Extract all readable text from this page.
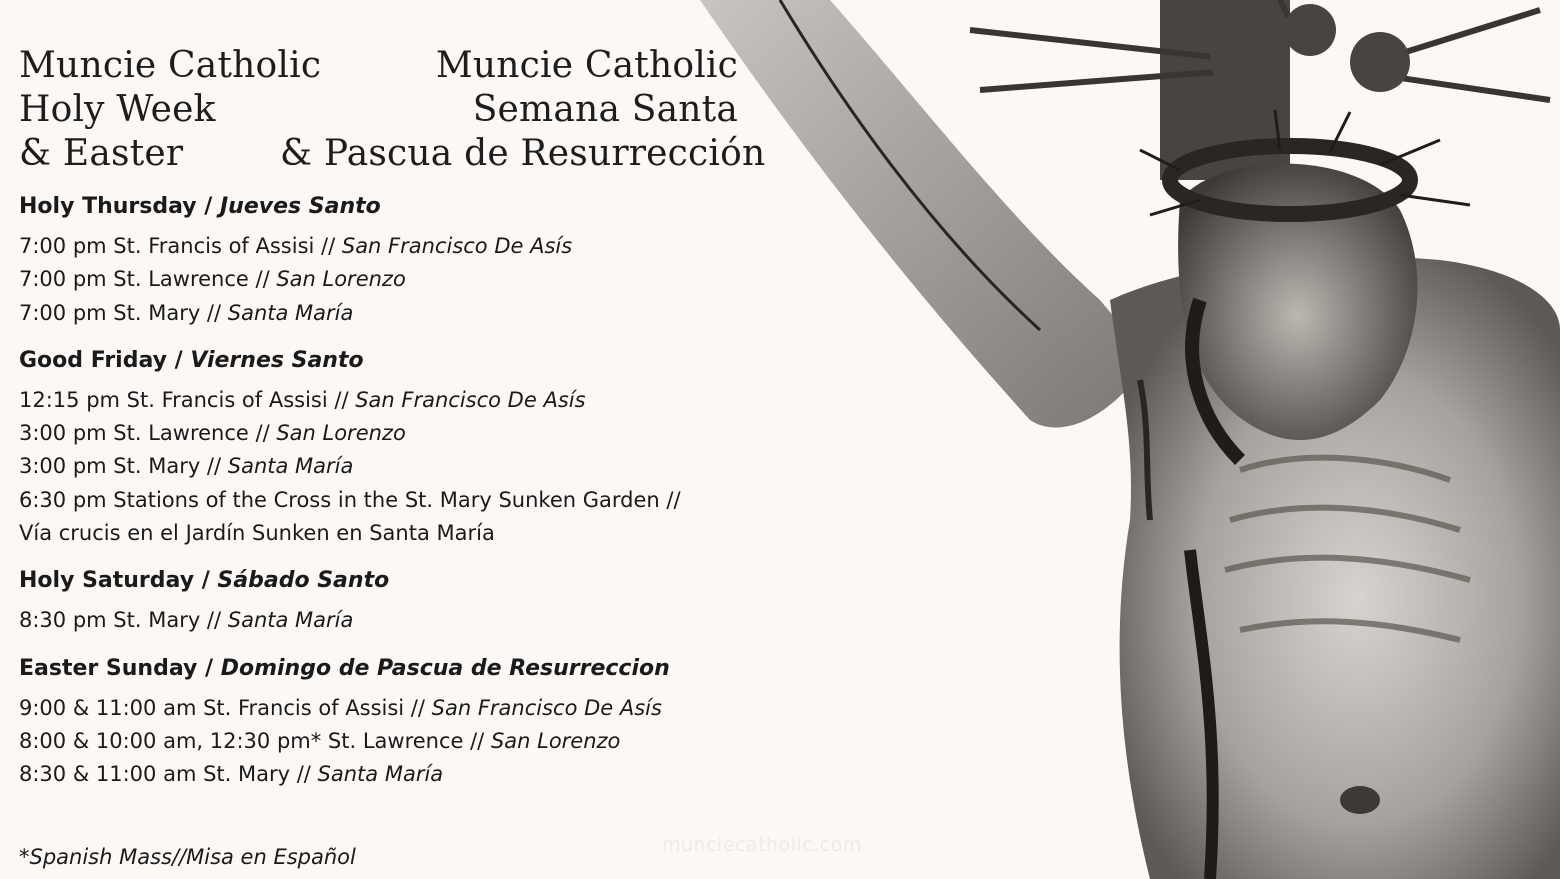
Muncie Catholic
Holy Week
& Easter
Muncie Catholic
Semana Santa
& Pascua de Resurrección
Holy Thursday / Jueves Santo
7:00 pm St. Francis of Assisi // San Francisco De Asís
7:00 pm St. Lawrence // San Lorenzo
7:00 pm St. Mary // Santa María
Good Friday / Viernes Santo
12:15 pm St. Francis of Assisi // San Francisco De Asís
3:00 pm St. Lawrence // San Lorenzo
3:00 pm St. Mary // Santa María
6:30 pm Stations of the Cross in the St. Mary Sunken Garden //
Vía crucis en el Jardín Sunken en Santa María
Holy Saturday / Sábado Santo
8:30 pm St. Mary // Santa María
Easter Sunday / Domingo de Pascua de Resurreccion
9:00 & 11:00 am St. Francis of Assisi // San Francisco De Asís
8:00 & 10:00 am, 12:30 pm* St. Lawrence // San Lorenzo
8:30 & 11:00 am St. Mary // Santa María
munciecatholic.com
*Spanish Mass//Misa en Español
